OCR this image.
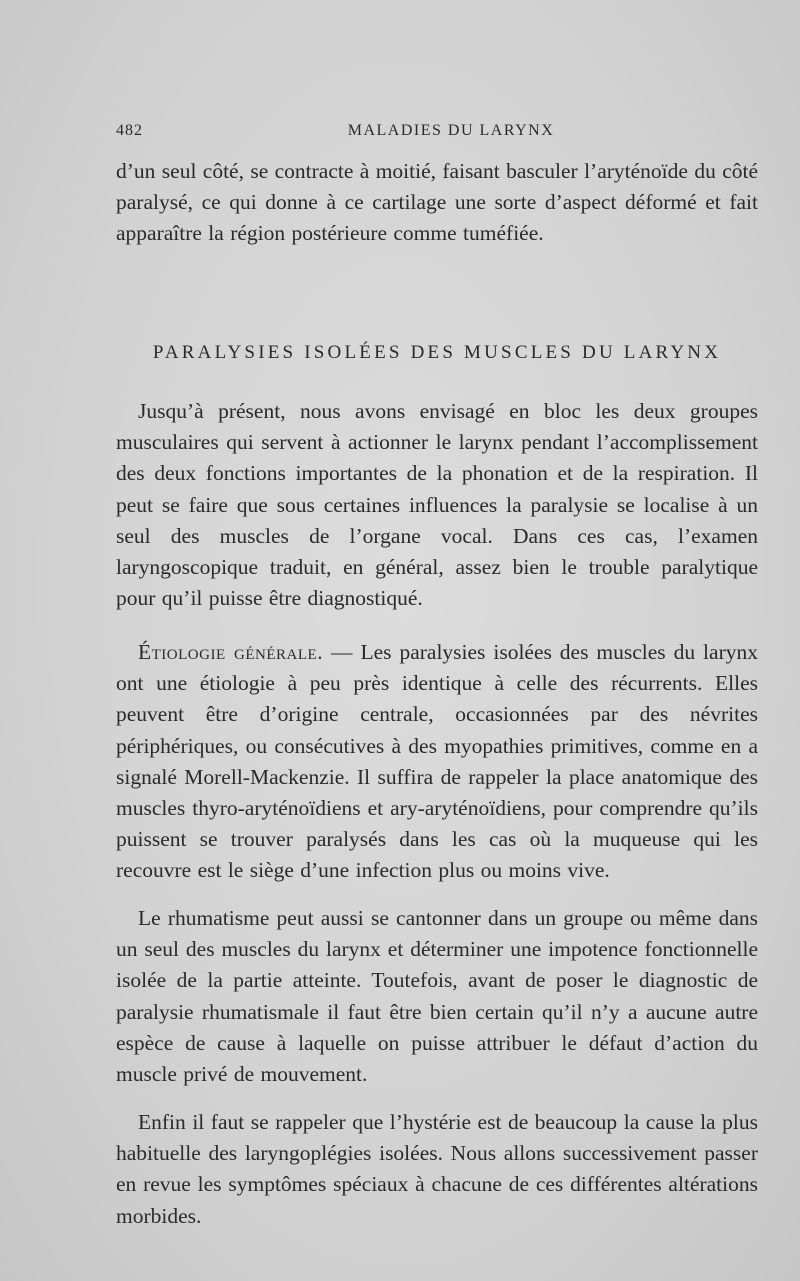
482	MALADIES DU LARYNX
d’un seul côté, se contracte à moitié, faisant basculer l’aryténoïde du côté paralysé, ce qui donne à ce cartilage une sorte d’aspect déformé et fait apparaître la région postérieure comme tuméfiée.
PARALYSIES ISOLÉES DES MUSCLES DU LARYNX
Jusqu’à présent, nous avons envisagé en bloc les deux groupes musculaires qui servent à actionner le larynx pendant l’accomplissement des deux fonctions importantes de la phonation et de la respiration. Il peut se faire que sous certaines influences la paralysie se localise à un seul des muscles de l’organe vocal. Dans ces cas, l’examen laryngoscopique traduit, en général, assez bien le trouble paralytique pour qu’il puisse être diagnostiqué.
Étiologie générale. — Les paralysies isolées des muscles du larynx ont une étiologie à peu près identique à celle des récurrents. Elles peuvent être d’origine centrale, occasionnées par des névrites périphériques, ou consécutives à des myopathies primitives, comme en a signalé Morell-Mackenzie. Il suffira de rappeler la place anatomique des muscles thyro-aryténoïdiens et ary-aryténoïdiens, pour comprendre qu’ils puissent se trouver paralysés dans les cas où la muqueuse qui les recouvre est le siège d’une infection plus ou moins vive.
Le rhumatisme peut aussi se cantonner dans un groupe ou même dans un seul des muscles du larynx et déterminer une impotence fonctionnelle isolée de la partie atteinte. Toutefois, avant de poser le diagnostic de paralysie rhumatismale il faut être bien certain qu’il n’y a aucune autre espèce de cause à laquelle on puisse attribuer le défaut d’action du muscle privé de mouvement.
Enfin il faut se rappeler que l’hystérie est de beaucoup la cause la plus habituelle des laryngoplégies isolées. Nous allons successivement passer en revue les symptômes spéciaux à chacune de ces différentes altérations morbides.
